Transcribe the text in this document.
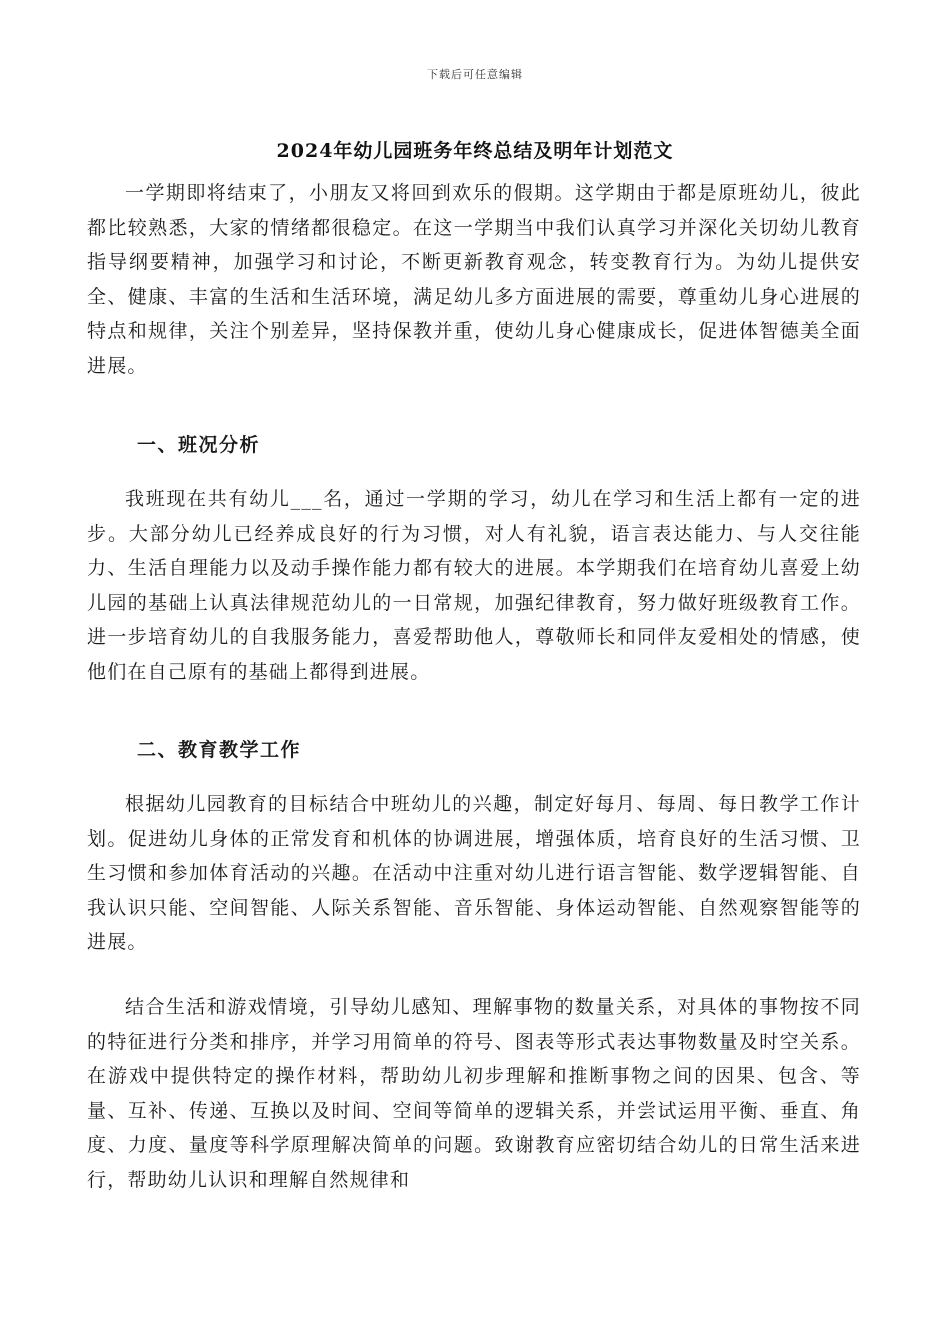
下载后可任意编辑
2024年幼儿园班务年终总结及明年计划范文

一学期即将结束了，小朋友又将回到欢乐的假期。这学期由于都是原班幼儿，彼此都比较熟悉，大家的情绪都很稳定。在这一学期当中我们认真学习并深化关切幼儿教育指导纲要精神，加强学习和讨论，不断更新教育观念，转变教育行为。为幼儿提供安全、健康、丰富的生活和生活环境，满足幼儿多方面进展的需要，尊重幼儿身心进展的特点和规律，关注个别差异，坚持保教并重，使幼儿身心健康成长，促进体智德美全面进展。

一、班况分析

我班现在共有幼儿___名，通过一学期的学习，幼儿在学习和生活上都有一定的进步。大部分幼儿已经养成良好的行为习惯，对人有礼貌，语言表达能力、与人交往能力、生活自理能力以及动手操作能力都有较大的进展。本学期我们在培育幼儿喜爱上幼儿园的基础上认真法律规范幼儿的一日常规，加强纪律教育，努力做好班级教育工作。进一步培育幼儿的自我服务能力，喜爱帮助他人，尊敬师长和同伴友爱相处的情感，使他们在自己原有的基础上都得到进展。

二、教育教学工作

根据幼儿园教育的目标结合中班幼儿的兴趣，制定好每月、每周、每日教学工作计划。促进幼儿身体的正常发育和机体的协调进展，增强体质，培育良好的生活习惯、卫生习惯和参加体育活动的兴趣。在活动中注重对幼儿进行语言智能、数学逻辑智能、自我认识只能、空间智能、人际关系智能、音乐智能、身体运动智能、自然观察智能等的进展。

结合生活和游戏情境，引导幼儿感知、理解事物的数量关系，对具体的事物按不同的特征进行分类和排序，并学习用简单的符号、图表等形式表达事物数量及时空关系。在游戏中提供特定的操作材料，帮助幼儿初步理解和推断事物之间的因果、包含、等量、互补、传递、互换以及时间、空间等简单的逻辑关系，并尝试运用平衡、垂直、角度、力度、量度等科学原理解决简单的问题。致谢教育应密切结合幼儿的日常生活来进行，帮助幼儿认识和理解自然规律和
